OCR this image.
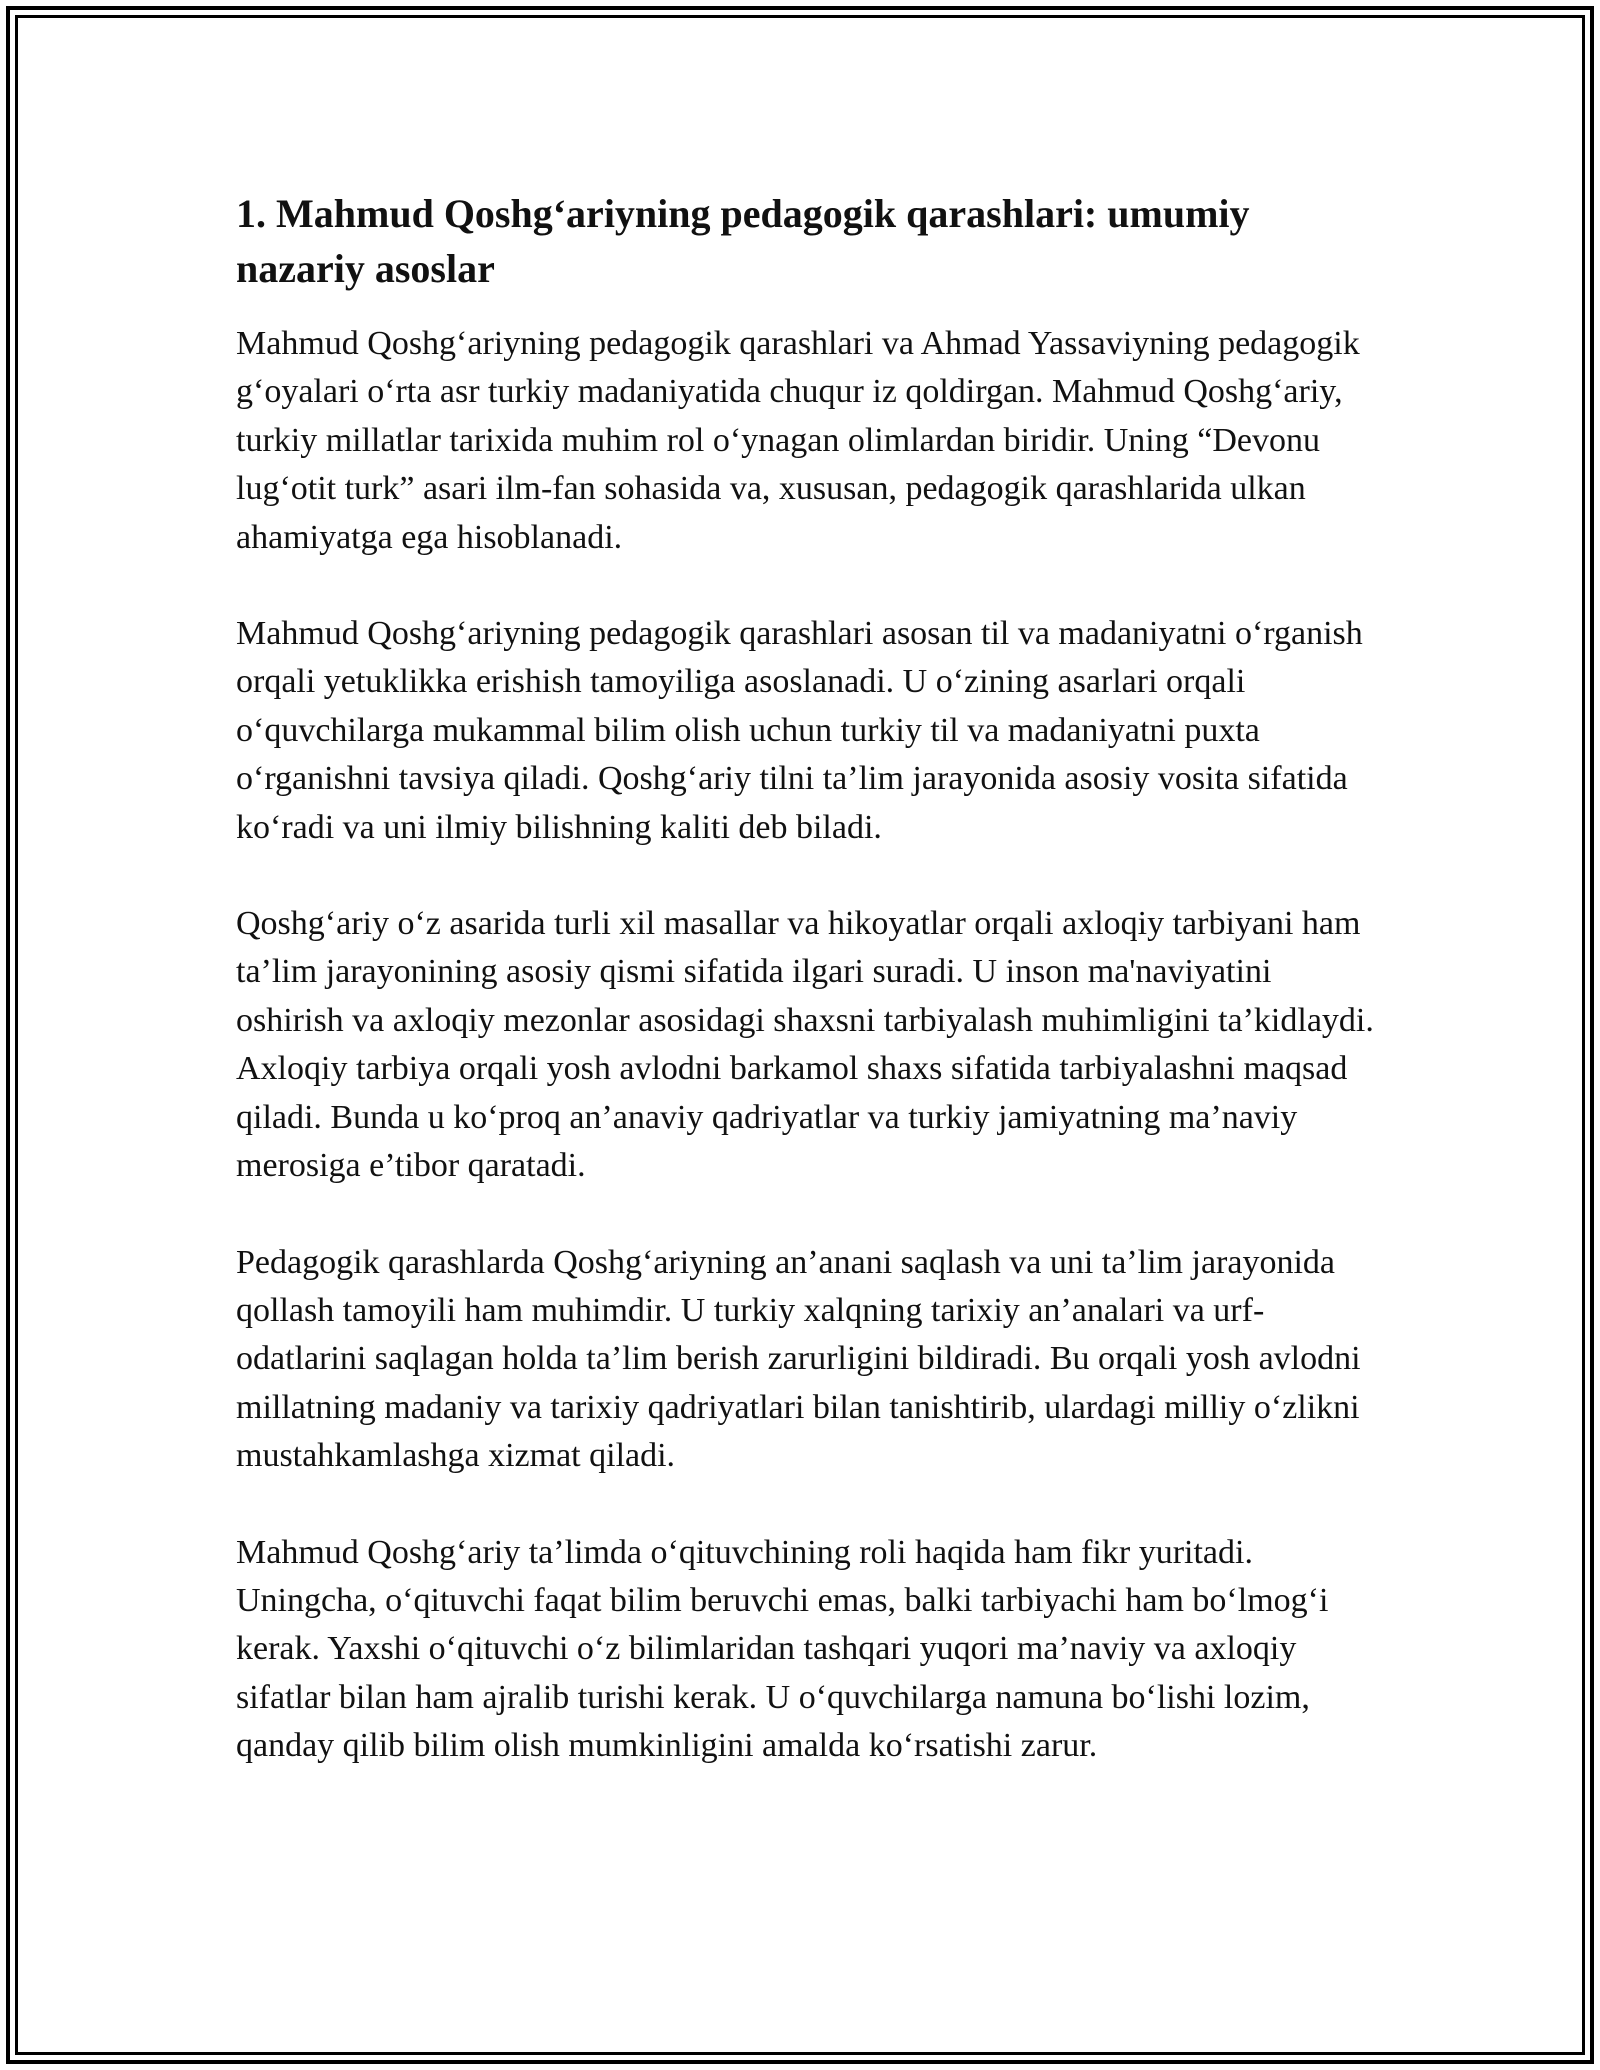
1. Mahmud Qoshg‘ariyning pedagogik qarashlari: umumiy nazariy asoslar

Mahmud Qoshg‘ariyning pedagogik qarashlari va Ahmad Yassaviyning pedagogik g‘oyalari o‘rta asr turkiy madaniyatida chuqur iz qoldirgan. Mahmud Qoshg‘ariy, turkiy millatlar tarixida muhim rol o‘ynagan olimlardan biridir. Uning “Devonu lug‘otit turk” asari ilm-fan sohasida va, xususan, pedagogik qarashlarida ulkan ahamiyatga ega hisoblanadi.

Mahmud Qoshg‘ariyning pedagogik qarashlari asosan til va madaniyatni o‘rganish orqali yetuklikka erishish tamoyiliga asoslanadi. U o‘zining asarlari orqali o‘quvchilarga mukammal bilim olish uchun turkiy til va madaniyatni puxta o‘rganishni tavsiya qiladi. Qoshg‘ariy tilni ta’lim jarayonida asosiy vosita sifatida ko‘radi va uni ilmiy bilishning kaliti deb biladi.

Qoshg‘ariy o‘z asarida turli xil masallar va hikoyatlar orqali axloqiy tarbiyani ham ta’lim jarayonining asosiy qismi sifatida ilgari suradi. U inson ma'naviyatini oshirish va axloqiy mezonlar asosidagi shaxsni tarbiyalash muhimligini ta’kidlaydi. Axloqiy tarbiya orqali yosh avlodni barkamol shaxs sifatida tarbiyalashni maqsad qiladi. Bunda u ko‘proq an’anaviy qadriyatlar va turkiy jamiyatning ma’naviy merosiga e’tibor qaratadi.

Pedagogik qarashlarda Qoshg‘ariyning an’anani saqlash va uni ta’lim jarayonida qollash tamoyili ham muhimdir. U turkiy xalqning tarixiy an’analari va urf-odatlarini saqlagan holda ta’lim berish zarurligini bildiradi. Bu orqali yosh avlodni millatning madaniy va tarixiy qadriyatlari bilan tanishtirib, ulardagi milliy o‘zlikni mustahkamlashga xizmat qiladi.

Mahmud Qoshg‘ariy ta’limda o‘qituvchining roli haqida ham fikr yuritadi. Uningcha, o‘qituvchi faqat bilim beruvchi emas, balki tarbiyachi ham bo‘lmog‘i kerak. Yaxshi o‘qituvchi o‘z bilimlaridan tashqari yuqori ma’naviy va axloqiy sifatlar bilan ham ajralib turishi kerak. U o‘quvchilarga namuna bo‘lishi lozim, qanday qilib bilim olish mumkinligini amalda ko‘rsatishi zarur.
